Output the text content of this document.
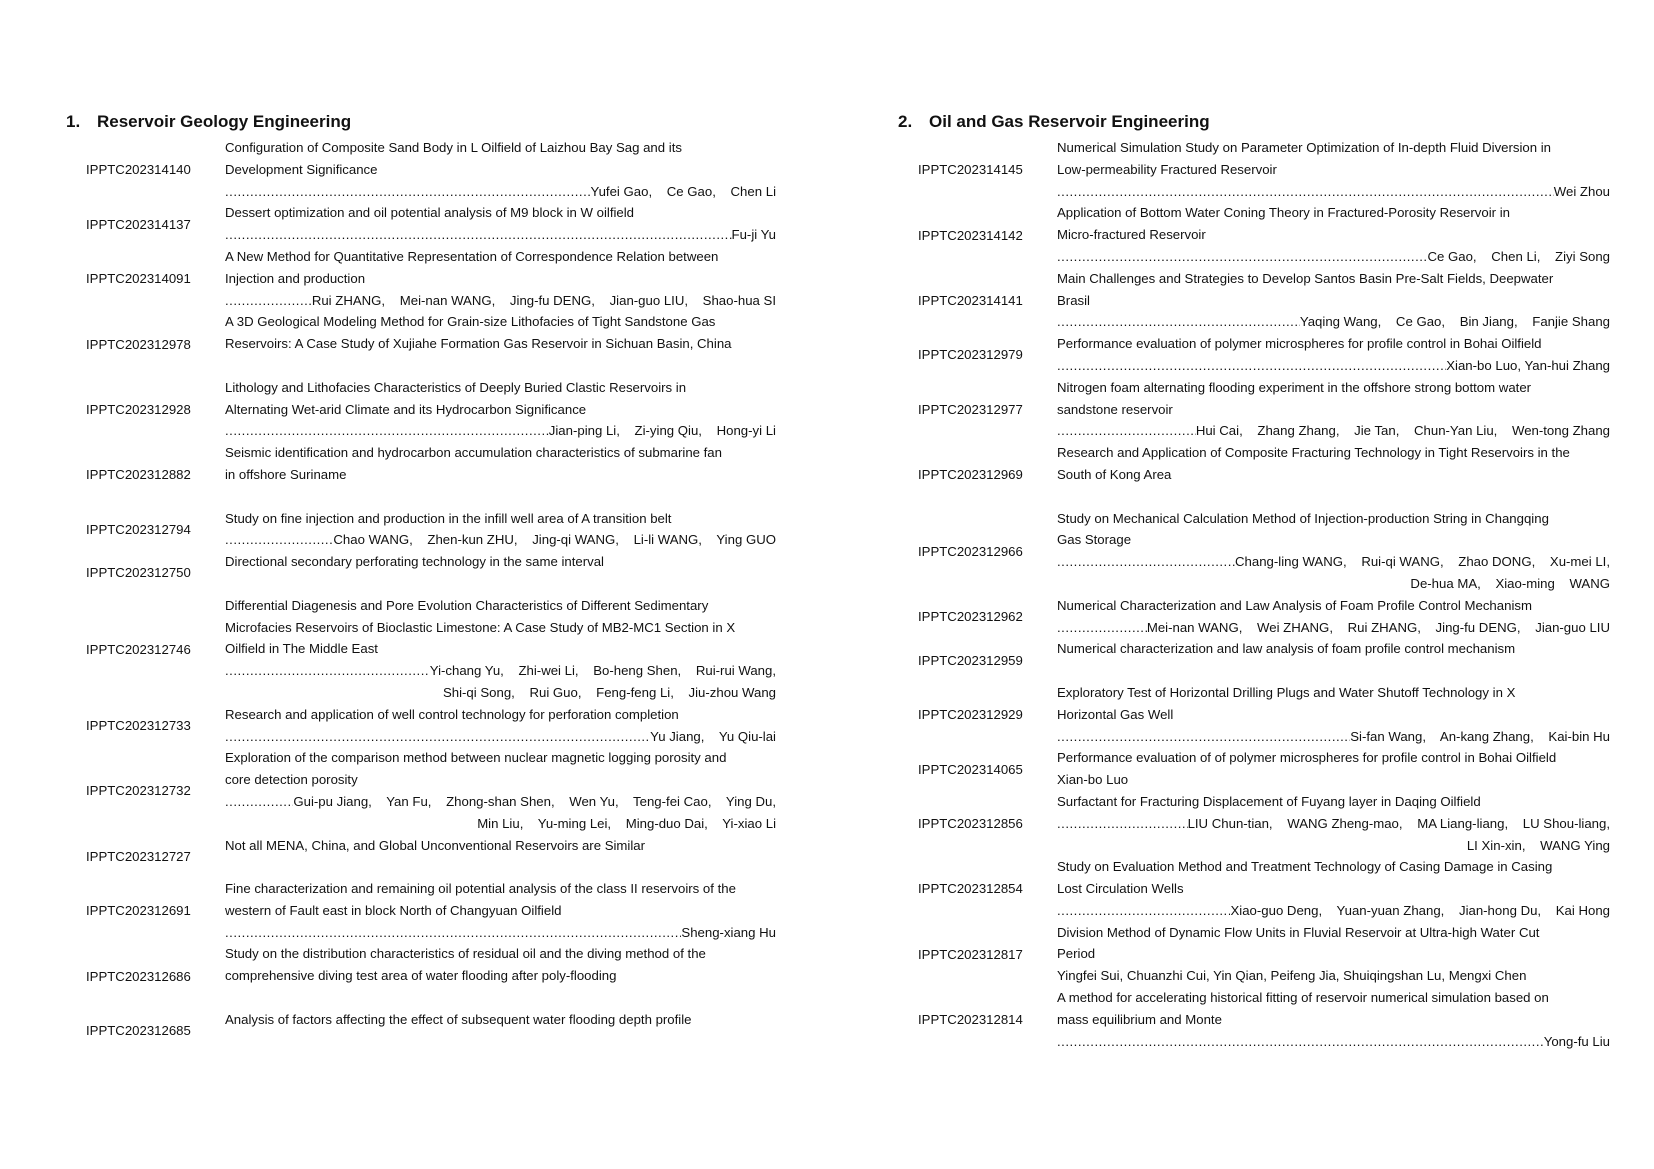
1. Reservoir Geology Engineering
IPPTC202314140
Configuration of Composite Sand Body in L Oilfield of Laizhou Bay Sag and its
Development Significance
.....
Yufei Gao,    Ce Gao,    Chen Li
IPPTC202314137
Dessert optimization and oil potential analysis of M9 block in W oilfield
.....
Fu-ji Yu
IPPTC202314091
A New Method for Quantitative Representation of Correspondence Relation between
Injection and production
.....
Rui ZHANG,    Mei-nan WANG,    Jing-fu DENG,    Jian-guo LIU,    Shao-hua SI
IPPTC202312978
A 3D Geological Modeling Method for Grain-size Lithofacies of Tight Sandstone Gas
Reservoirs: A Case Study of Xujiahe Formation Gas Reservoir in Sichuan Basin, China
IPPTC202312928
Lithology and Lithofacies Characteristics of Deeply Buried Clastic Reservoirs in
Alternating Wet-arid Climate and its Hydrocarbon Significance
.....
Jian-ping Li,    Zi-ying Qiu,    Hong-yi Li
IPPTC202312882
Seismic identification and hydrocarbon accumulation characteristics of submarine fan
in offshore Suriname
IPPTC202312794
Study on fine injection and production in the infill well area of A transition belt
.....
Chao WANG,    Zhen-kun ZHU,    Jing-qi WANG,    Li-li WANG,    Ying GUO
IPPTC202312750
Directional secondary perforating technology in the same interval
IPPTC202312746
Differential Diagenesis and Pore Evolution Characteristics of Different Sedimentary
Microfacies Reservoirs of Bioclastic Limestone: A Case Study of MB2-MC1 Section in X
Oilfield in The Middle East
.....
Yi-chang Yu,    Zhi-wei Li,    Bo-heng Shen,    Rui-rui Wang,
Shi-qi Song,    Rui Guo,    Feng-feng Li,    Jiu-zhou Wang
IPPTC202312733
Research and application of well control technology for perforation completion
.....
Yu Jiang,    Yu Qiu-lai
IPPTC202312732
Exploration of the comparison method between nuclear magnetic logging porosity and
core detection porosity
.....
Gui-pu Jiang,    Yan Fu,    Zhong-shan Shen,    Wen Yu,    Teng-fei Cao,    Ying Du,
Min Liu,    Yu-ming Lei,    Ming-duo Dai,    Yi-xiao Li
IPPTC202312727
Not all MENA, China, and Global Unconventional Reservoirs are Similar
IPPTC202312691
Fine characterization and remaining oil potential analysis of the class II reservoirs of the
western of Fault east in block North of Changyuan Oilfield
.....
Sheng-xiang Hu
IPPTC202312686
Study on the distribution characteristics of residual oil and the diving method of the
comprehensive diving test area of water flooding after poly-flooding
IPPTC202312685
Analysis of factors affecting the effect of subsequent water flooding depth profile
2. Oil and Gas Reservoir Engineering
IPPTC202314145
Numerical Simulation Study on Parameter Optimization of In-depth Fluid Diversion in
Low-permeability Fractured Reservoir
.....
Wei Zhou
IPPTC202314142
Application of Bottom Water Coning Theory in Fractured-Porosity Reservoir in
Micro-fractured Reservoir
.....
Ce Gao,    Chen Li,    Ziyi Song
IPPTC202314141
Main Challenges and Strategies to Develop Santos Basin Pre-Salt Fields, Deepwater
Brasil
.....
Yaqing Wang,    Ce Gao,    Bin Jiang,    Fanjie Shang
IPPTC202312979
Performance evaluation of polymer microspheres for profile control in Bohai Oilfield
.....
Xian-bo Luo, Yan-hui Zhang
IPPTC202312977
Nitrogen foam alternating flooding experiment in the offshore strong bottom water
sandstone reservoir
.....
Hui Cai,    Zhang Zhang,    Jie Tan,    Chun-Yan Liu,    Wen-tong Zhang
IPPTC202312969
Research and Application of Composite Fracturing Technology in Tight Reservoirs in the
South of Kong Area
IPPTC202312966
Study on Mechanical Calculation Method of Injection-production String in Changqing
Gas Storage
.....
Chang-ling WANG,    Rui-qi WANG,    Zhao DONG,    Xu-mei LI,
De-hua MA,    Xiao-ming    WANG
IPPTC202312962
Numerical Characterization and Law Analysis of Foam Profile Control Mechanism
.....
Mei-nan WANG,    Wei ZHANG,    Rui ZHANG,    Jing-fu DENG,    Jian-guo LIU
IPPTC202312959
Numerical characterization and law analysis of foam profile control mechanism
IPPTC202312929
Exploratory Test of Horizontal Drilling Plugs and Water Shutoff Technology in X
Horizontal Gas Well
.....
Si-fan Wang,    An-kang Zhang,    Kai-bin Hu
IPPTC202314065
Performance evaluation of of polymer microspheres for profile control in Bohai Oilfield
Xian-bo Luo
IPPTC202312856
Surfactant for Fracturing Displacement of Fuyang layer in Daqing Oilfield
.....
LIU Chun-tian,    WANG Zheng-mao,    MA Liang-liang,    LU Shou-liang,
LI Xin-xin,    WANG Ying
IPPTC202312854
Study on Evaluation Method and Treatment Technology of Casing Damage in Casing
Lost Circulation Wells
.....
Xiao-guo Deng,    Yuan-yuan Zhang,    Jian-hong Du,    Kai Hong
IPPTC202312817
Division Method of Dynamic Flow Units in Fluvial Reservoir at Ultra-high Water Cut
Period
Yingfei Sui, Chuanzhi Cui, Yin Qian, Peifeng Jia, Shuiqingshan Lu, Mengxi Chen
IPPTC202312814
A method for accelerating historical fitting of reservoir numerical simulation based on
mass equilibrium and Monte
.....
Yong-fu Liu
